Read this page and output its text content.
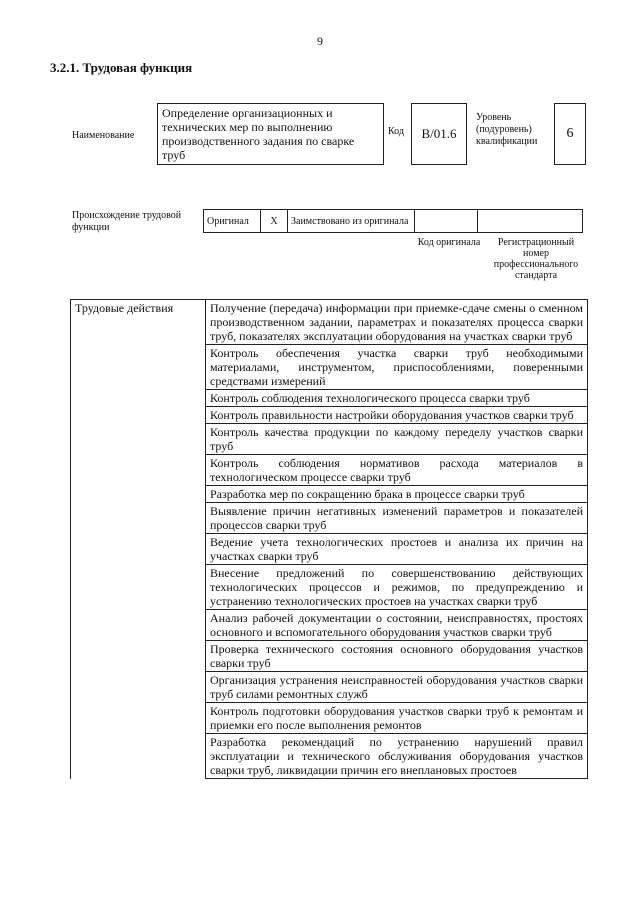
9
3.2.1. Трудовая функция
Наименование
Определение организационных и технических мер по выполнению производственного задания по сварке труб
Код	B/01.6
Уровень (подуровень) квалификации
6
Происхождение трудовой функции
Оригинал	X	Заимствовано из оригинала		
Код оригинала	Регистрационный номер профессионального стандарта
Трудовые действия	Получение (передача) информации при приемке-сдаче смены о сменном производственном задании, параметрах и показателях процесса сварки труб, показателях эксплуатации оборудования на участках сварки труб
Контроль обеспечения участка сварки труб необходимыми материалами, инструментом, приспособлениями, поверенными средствами измерений
Контроль соблюдения технологического процесса сварки труб
Контроль правильности настройки оборудования участков сварки труб
Контроль качества продукции по каждому переделу участков сварки труб
Контроль соблюдения нормативов расхода материалов в технологическом процессе сварки труб
Разработка мер по сокращению брака в процессе сварки труб
Выявление причин негативных изменений параметров и показателей процессов сварки труб
Ведение учета технологических простоев и анализа их причин на участках сварки труб
Внесение предложений по совершенствованию действующих технологических процессов и режимов, по предупреждению и устранению технологических простоев на участках сварки труб
Анализ рабочей документации о состоянии, неисправностях, простоях основного и вспомогательного оборудования участков сварки труб
Проверка технического состояния основного оборудования участков сварки труб
Организация устранения неисправностей оборудования участков сварки труб силами ремонтных служб
Контроль подготовки оборудования участков сварки труб к ремонтам и приемки его после выполнения ремонтов
Разработка рекомендаций по устранению нарушений правил эксплуатации и технического обслуживания оборудования участков сварки труб, ликвидации причин его внеплановых простоев
